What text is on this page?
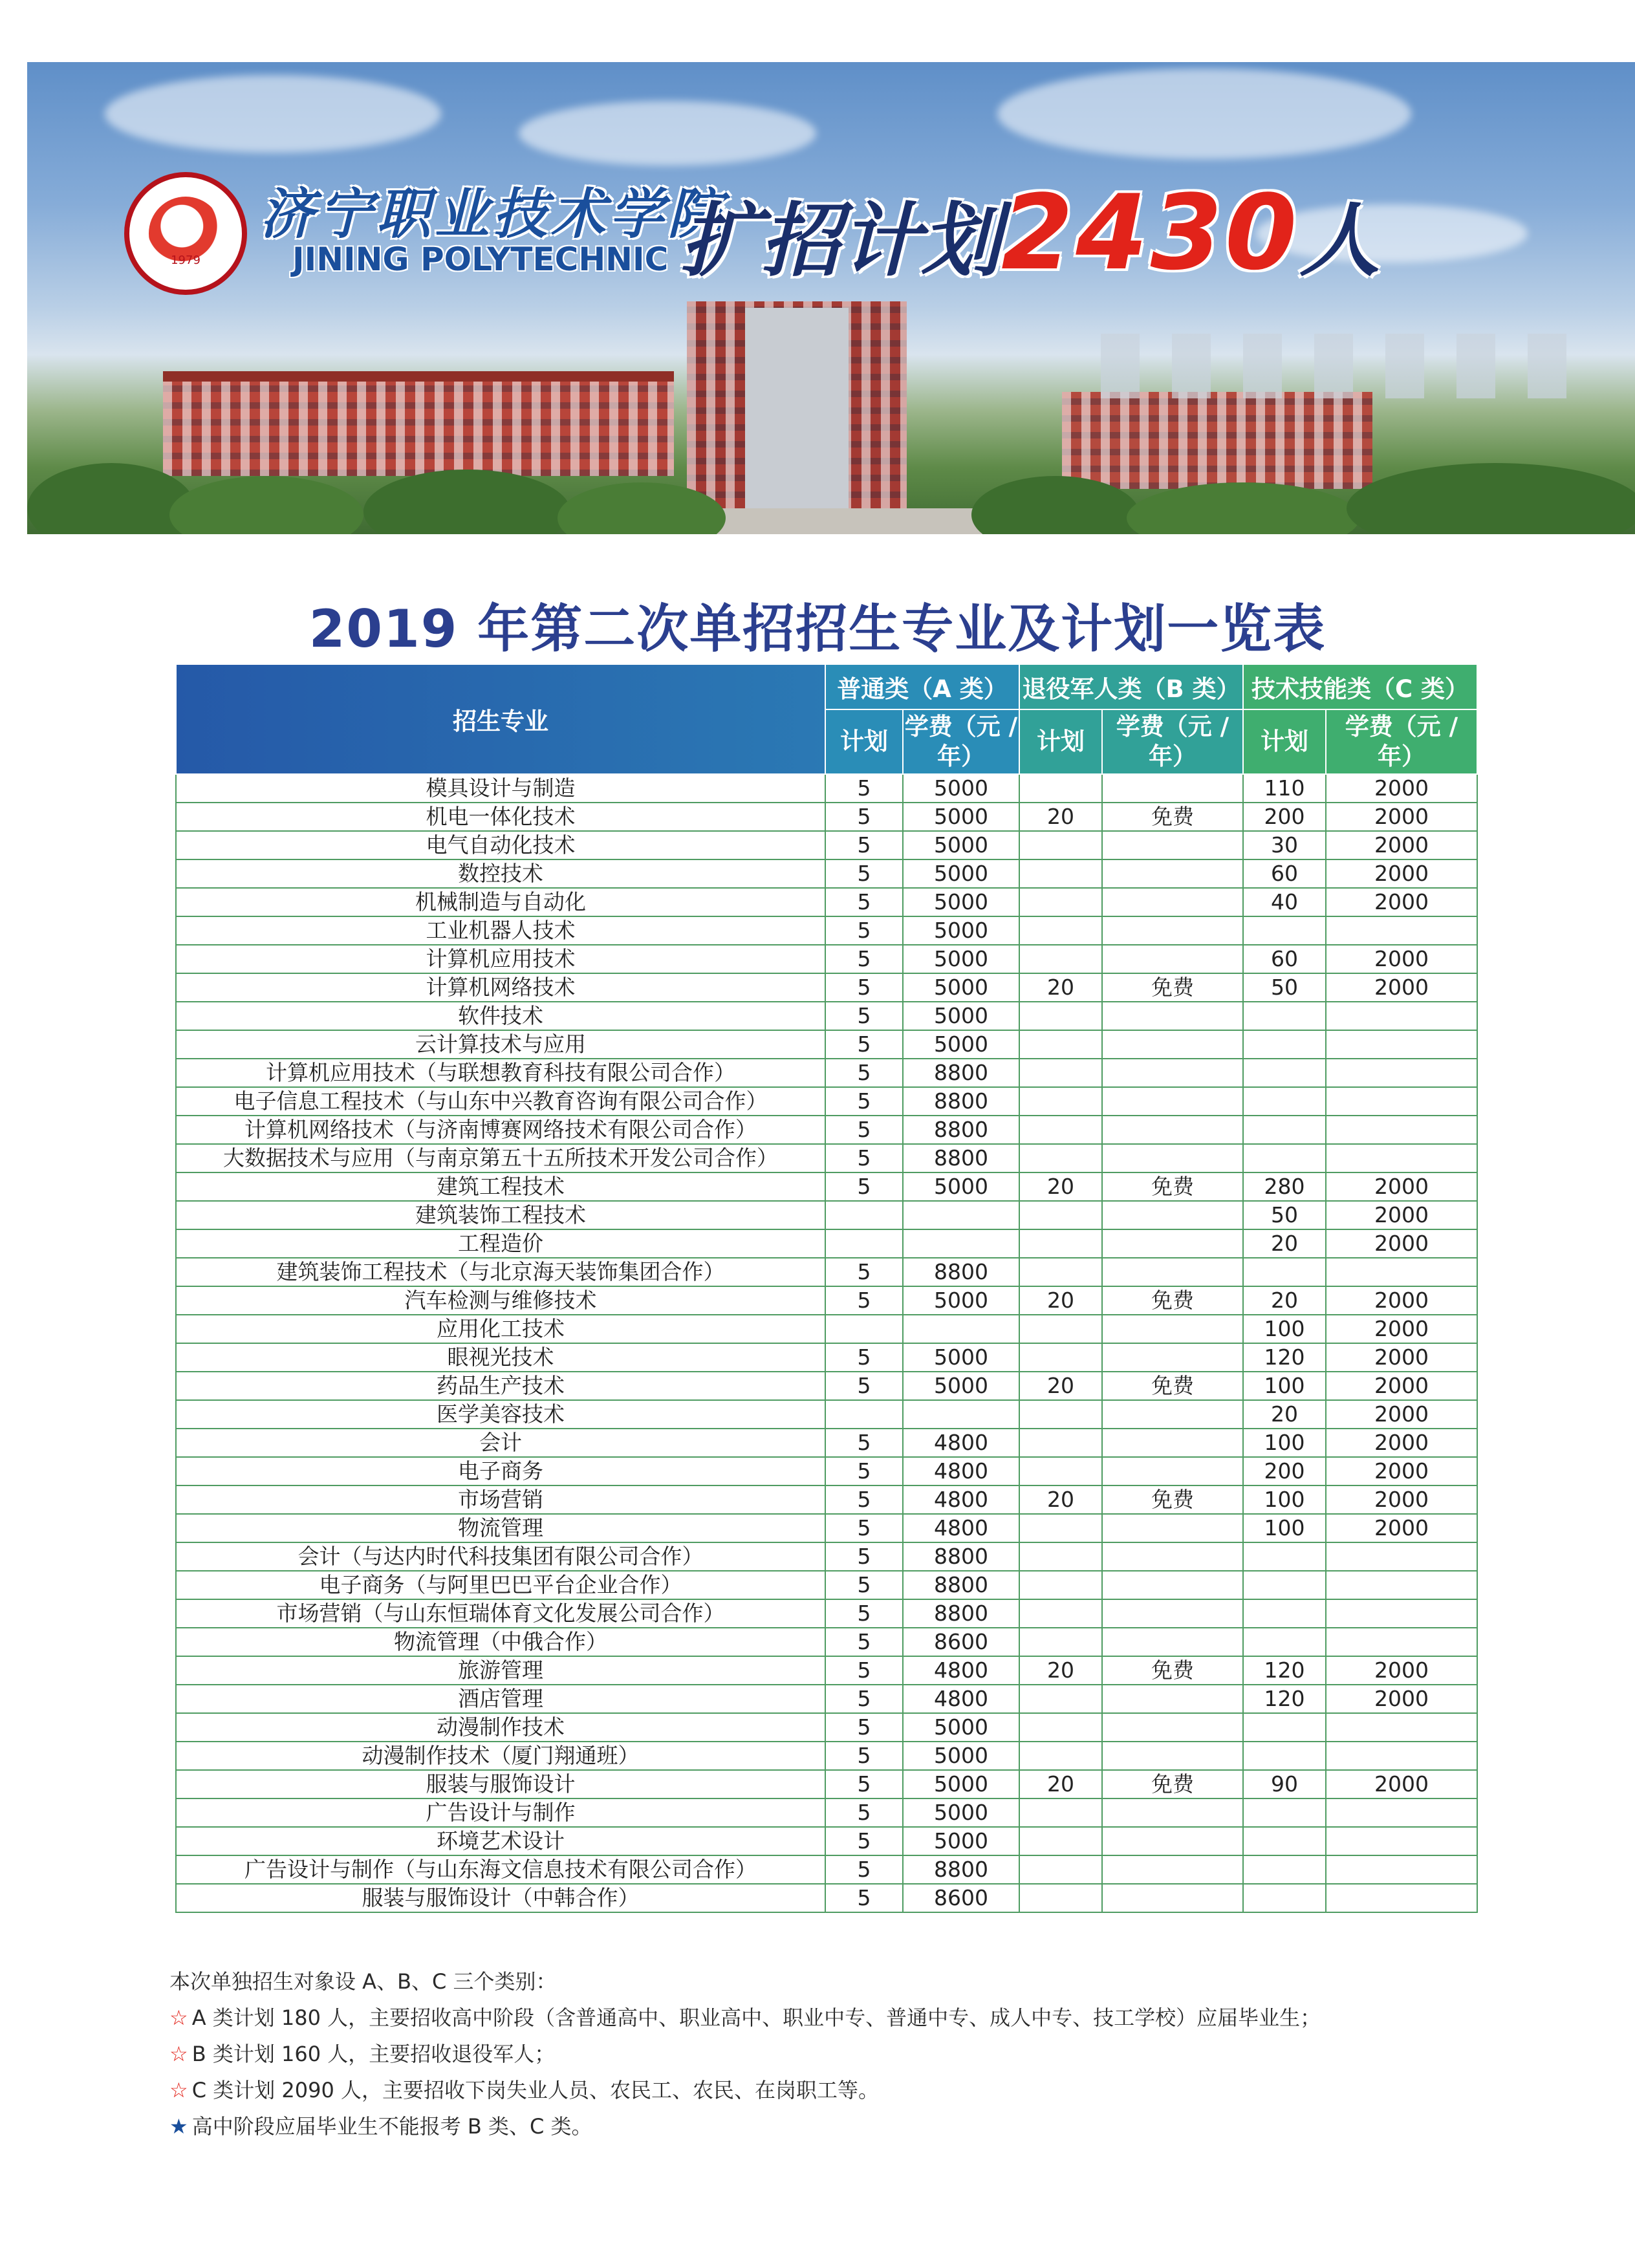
1979
济宁职业技术学院
JINING POLYTECHNIC 扩招计划2430人
2019 年第二次单招招生专业及计划一览表
招生专业	普通类（A 类）		退役军人类（B 类）		技术技能类（C 类）	
	计划	学费（元 / 年）	计划	学费（元 / 年）	计划	学费（元 / 年）
模具设计与制造	5	5000			110	2000
机电一体化技术	5	5000	20	免费	200	2000
电气自动化技术	5	5000			30	2000
数控技术	5	5000			60	2000
机械制造与自动化	5	5000			40	2000
工业机器人技术	5	5000				
计算机应用技术	5	5000			60	2000
计算机网络技术	5	5000	20	免费	50	2000
软件技术	5	5000				
云计算技术与应用	5	5000				
计算机应用技术（与联想教育科技有限公司合作）	5	8800				
电子信息工程技术（与山东中兴教育咨询有限公司合作）	5	8800				
计算机网络技术（与济南博赛网络技术有限公司合作）	5	8800				
大数据技术与应用（与南京第五十五所技术开发公司合作）	5	8800				
建筑工程技术	5	5000	20	免费	280	2000
建筑装饰工程技术					50	2000
工程造价					20	2000
建筑装饰工程技术（与北京海天装饰集团合作）	5	8800				
汽车检测与维修技术	5	5000	20	免费	20	2000
应用化工技术					100	2000
眼视光技术	5	5000			120	2000
药品生产技术	5	5000	20	免费	100	2000
医学美容技术					20	2000
会计	5	4800			100	2000
电子商务	5	4800			200	2000
市场营销	5	4800	20	免费	100	2000
物流管理	5	4800			100	2000
会计（与达内时代科技集团有限公司合作）	5	8800				
电子商务（与阿里巴巴平台企业合作）	5	8800				
市场营销（与山东恒瑞体育文化发展公司合作）	5	8800				
物流管理（中俄合作）	5	8600				
旅游管理	5	4800	20	免费	120	2000
酒店管理	5	4800			120	2000
动漫制作技术	5	5000				
动漫制作技术（厦门翔通班）	5	5000				
服装与服饰设计	5	5000	20	免费	90	2000
广告设计与制作	5	5000				
环境艺术设计	5	5000				
广告设计与制作（与山东海文信息技术有限公司合作）	5	8800				
服装与服饰设计（中韩合作）	5	8600				
本次单独招生对象设 A、B、C 三个类别：
☆ A 类计划 180 人，主要招收高中阶段（含普通高中、职业高中、职业中专、普通中专、成人中专、技工学校）应届毕业生；
☆ B 类计划 160 人，主要招收退役军人；
☆ C 类计划 2090 人，主要招收下岗失业人员、农民工、农民、在岗职工等。
★ 高中阶段应届毕业生不能报考 B 类、C 类。
